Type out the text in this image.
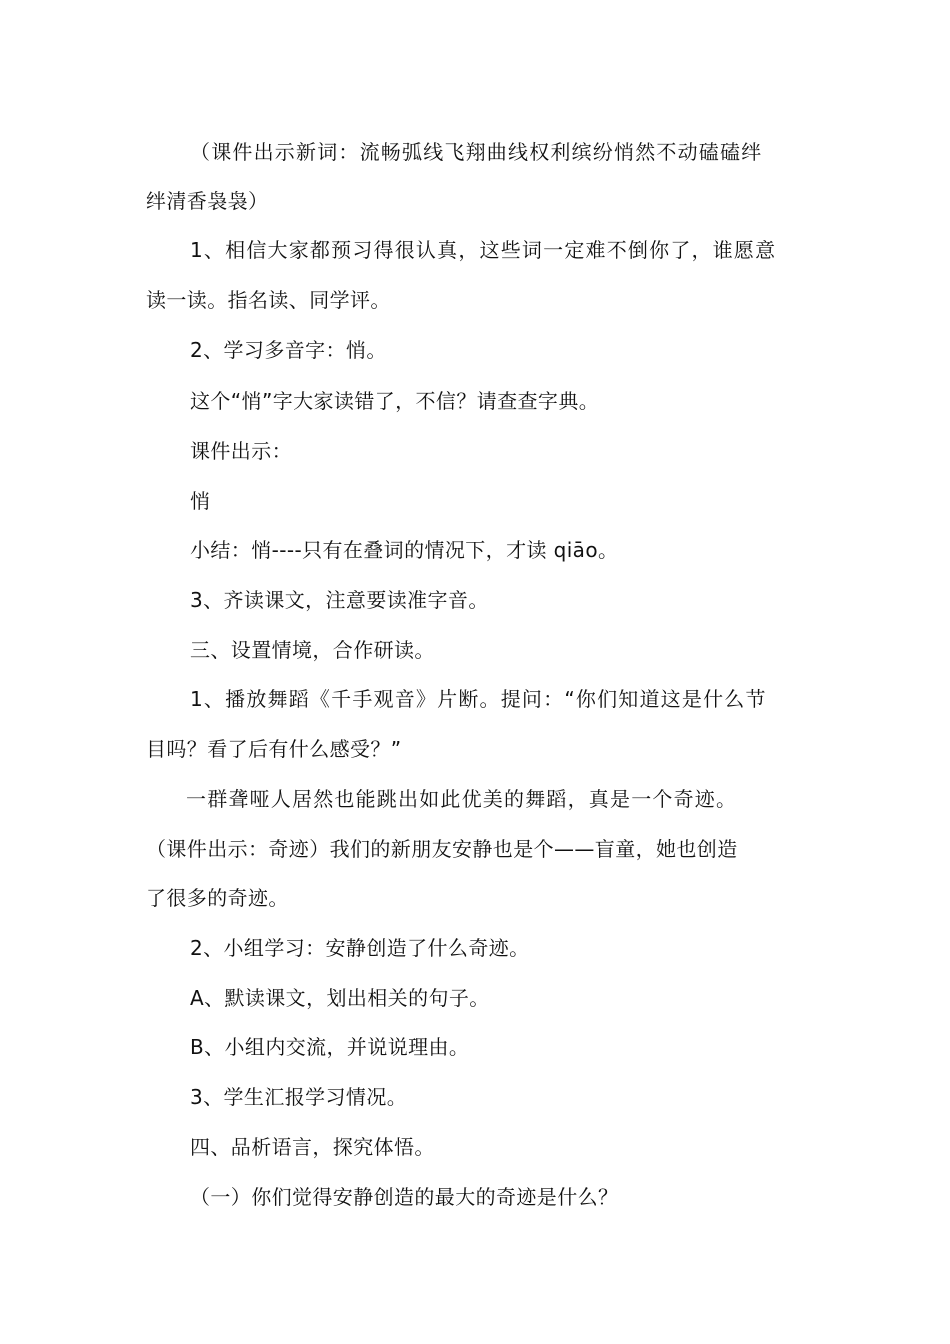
（课件出示新词：流畅弧线飞翔曲线权利缤纷悄然不动磕磕绊
绊清香袅袅）
1、相信大家都预习得很认真，这些词一定难不倒你了，谁愿意
读一读。指名读、同学评。
2、学习多音字：悄。
这个“悄”字大家读错了，不信？请查查字典。
课件出示：
悄
小结：悄----只有在叠词的情况下，才读 qiāo。
3、齐读课文，注意要读准字音。
三、设置情境，合作研读。
1、播放舞蹈《千手观音》片断。提问：“你们知道这是什么节
目吗？看了后有什么感受？”
一群聋哑人居然也能跳出如此优美的舞蹈，真是一个奇迹。
（课件出示：奇迹）我们的新朋友安静也是个——盲童，她也创造
了很多的奇迹。
2、小组学习：安静创造了什么奇迹。
A、默读课文，划出相关的句子。
B、小组内交流，并说说理由。
3、学生汇报学习情况。
四、品析语言，探究体悟。
（一）你们觉得安静创造的最大的奇迹是什么？
